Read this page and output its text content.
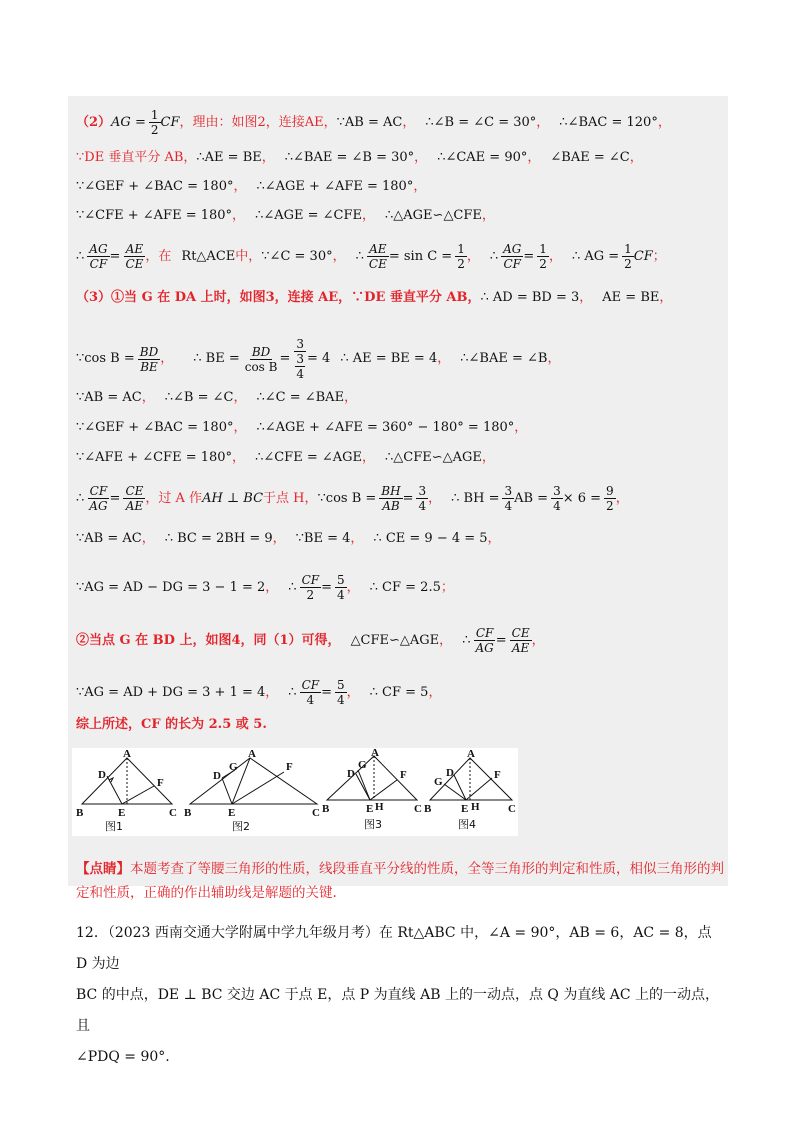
（2） AG = $\frac{1}{2}$ CF ，理由：如图2，连接AE， ∵AB = AC ， ∴∠B = ∠C = 30° ， ∴∠BAC = 120° ，
∵DE 垂直平分 AB， ∴AE = BE ， ∴∠BAE = ∠B = 30° ， ∴∠CAE = 90° ， ∠BAE = ∠C ，
∵∠GEF + ∠BAC = 180° ， ∴∠AGE + ∠AFE = 180° ，
∵∠CFE + ∠AFE = 180° ， ∴∠AGE = ∠CFE ， ∴△AGE∽△CFE ，
∴ $\frac{AG}{CF} = \frac{AE}{CE}$ ，在 Rt△ACE 中， ∵∠C = 30° ， ∴ $\frac{AE}{CE} = \sin C = \frac{1}{2}$ ， ∴ $\frac{AG}{CF} = \frac{1}{2}$ ， ∴ AG = $\frac{1}{2}$ CF ；
（3）①当 G 在 DA 上时，如图3，连接 AE，∵DE 垂直平分 AB， ∴ AD = BD = 3 ， AE = BE ，
∵cos $B = \frac{BD}{BE}$ ， ∴ BE = $\frac{BD}{\text{cos B}} = 3$
3
4 = 4 ∴ AE = BE = 4 ， ∴∠BAE = ∠B ，
∵AB = AC ， ∴∠B = ∠C ， ∴∠C = ∠BAE ，
∵∠GEF + ∠BAC = 180° ， ∴∠AGE + ∠AFE = 360° − 180° = 180° ，
∵∠AFE + ∠CFE = 180° ， ∴∠CFE = ∠AGE ， ∴△CFE∽△AGE ，
∴ $\frac{CF}{AG} = \frac{CE}{AE}$ ，过 A 作 AH ⊥ BC 于点 H， ∵cos $B = \frac{BH}{AB} = \frac{3}{4}$ ， ∴ BH = $\frac{3}{4}$ AB = $\frac{3}{4} \times 6 = \frac{9}{2}$ ，
∵AB = AC ， ∴ BC = 2BH = 9 ， ∵BE = 4 ， ∴ CE = 9 − 4 = 5 ，
∵AG = AD − DG = 3 − 1 = 2 ， ∴ $\frac{CF}{2} = \frac{5}{4}$ ， ∴ CF = 2.5 ；
②当点 G 在 BD 上，如图4，同（1）可得， △CFE∽△AGE ， ∴ $\frac{CF}{AG} = \frac{CE}{AE}$ ，
∵AG = AD + DG = 3 + 1 = 4 ， ∴ $\frac{CF}{4} = \frac{5}{4}$ ， ∴ CF = 5 ，
综上所述，CF 的长为 2.5 或 5.
A
B	C
D
E
F
图1
A
B	C
D
E
F
G
图2
A
B	C
D
E
F
G
H
图3
A
B	C
D
E
F
G
H
图4
【点睛】本题考查了等腰三角形的性质，线段垂直平分线的性质，全等三角形的判定和性质，相似三角形的判定和性质，正确的作出辅助线是解题的关键.
12．（2023 西南交通大学附属中学九年级月考）在 Rt△ABC 中，∠A = 90°，AB = 6，AC = 8，点 D 为边
BC 的中点，DE ⊥ BC 交边 AC 于点 E，点 P 为直线 AB 上的一动点，点 Q 为直线 AC 上的一动点，且
∠PDQ = 90°.
